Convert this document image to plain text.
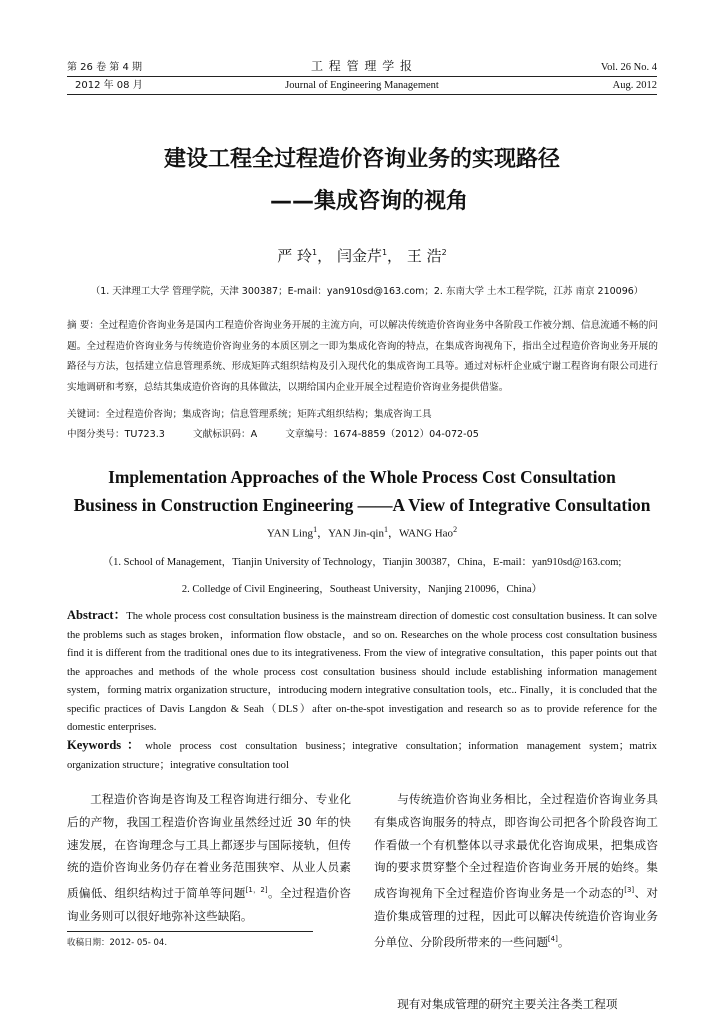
第 26 卷 第 4 期	工 程 管 理 学 报	Vol. 26 No. 4
2012 年 08 月	Journal of Engineering Management	Aug. 2012
建设工程全过程造价咨询业务的实现路径
——集成咨询的视角
严 玲$^1$， 闫金芹$^1$， 王 浩$^2$
（1. 天津理工大学 管理学院，天津 300387；E-mail：yan910sd@163.com；2. 东南大学 土木工程学院，江苏 南京 210096）
摘 要：全过程造价咨询业务是国内工程造价咨询业务开展的主流方向，可以解决传统造价咨询业务中各阶段工作被分割、信息流通不畅的问题。全过程造价咨询业务与传统造价咨询业务的本质区别之一即为集成化咨询的特点，在集成咨询视角下，指出全过程造价咨询业务开展的路径与方法，包括建立信息管理系统、形成矩阵式组织结构及引入现代化的集成咨询工具等。通过对标杆企业威宁谢工程咨询有限公司进行实地调研和考察，总结其集成造价咨询的具体做法，以期给国内企业开展全过程造价咨询业务提供借鉴。
关键词：全过程造价咨询；集成咨询；信息管理系统；矩阵式组织结构；集成咨询工具
中图分类号：TU723.3	文献标识码：A	文章编号：1674-8859（2012）04-072-05
Implementation Approaches of the Whole Process Cost Consultation
Business in Construction Engineering ——A View of Integrative Consultation
YAN Ling$^1$，YAN Jin-qin$^1$，WANG Hao$^2$
（1. School of Management，Tianjin University of Technology，Tianjin 300387，China，E-mail：yan910sd@163.com;
2. Colledge of Civil Engineering，Southeast University，Nanjing 210096，China）
Abstract：The whole process cost consultation business is the mainstream direction of domestic cost consultation business. It can solve the problems such as stages broken，information flow obstacle，and so on. Researches on the whole process cost consultation business find it is different from the traditional ones due to its integrativeness. From the view of integrative consultation，this paper points out that the approaches and methods of the whole process cost consultation business should include establishing information management system，forming matrix organization structure，introducing modern integrative consultation tools，etc.. Finally，it is concluded that the specific practices of Davis Langdon & Seah（DLS）after on-the-spot investigation and research so as to provide reference for the domestic enterprises.
Keywords：whole process cost consultation business；integrative consultation；information management system；matrix organization structure；integrative consultation tool
工程造价咨询是咨询及工程咨询进行细分、专业化后的产物，我国工程造价咨询业虽然经过近 30 年的快速发展，在咨询理念与工具上都逐步与国际接轨，但传统的造价咨询业务仍存在着业务范围狭窄、从业人员素质偏低、组织结构过于简单等问题[1，2]。全过程造价咨询业务则可以很好地弥补这些缺陷。
与传统造价咨询业务相比，全过程造价咨询业务具有集成咨询服务的特点，即咨询公司把各个阶段咨询工作看做一个有机整体以寻求最优化咨询成果，把集成咨询的要求贯穿整个全过程造价咨询业务开展的始终。集成咨询视角下全过程造价咨询业务是一个动态的[3]、对造价集成管理的过程，因此可以解决传统造价咨询业务分单位、分阶段所带来的一些问题[4]。
现有对集成管理的研究主要关注各类工程项
收稿日期：2012- 05- 04.
